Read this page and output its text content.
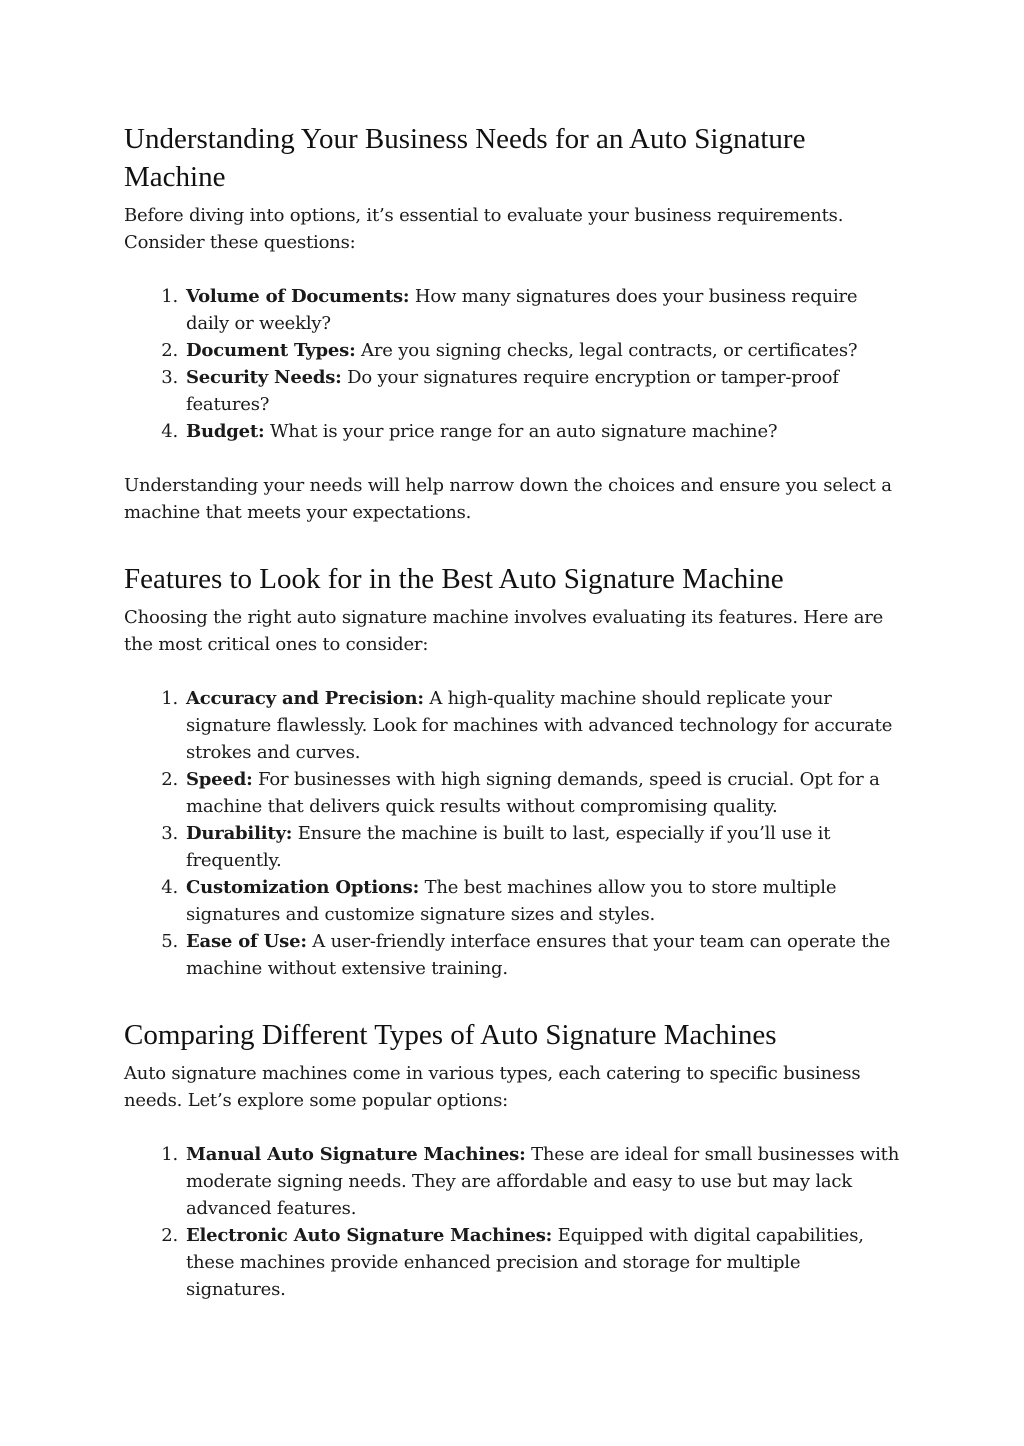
Understanding Your Business Needs for an Auto Signature Machine

Before diving into options, it’s essential to evaluate your business requirements. Consider these questions:

1. Volume of Documents: How many signatures does your business require daily or weekly?
2. Document Types: Are you signing checks, legal contracts, or certificates?
3. Security Needs: Do your signatures require encryption or tamper-proof features?
4. Budget: What is your price range for an auto signature machine?

Understanding your needs will help narrow down the choices and ensure you select a machine that meets your expectations.

Features to Look for in the Best Auto Signature Machine

Choosing the right auto signature machine involves evaluating its features. Here are the most critical ones to consider:

1. Accuracy and Precision: A high-quality machine should replicate your signature flawlessly. Look for machines with advanced technology for accurate strokes and curves.
2. Speed: For businesses with high signing demands, speed is crucial. Opt for a machine that delivers quick results without compromising quality.
3. Durability: Ensure the machine is built to last, especially if you’ll use it frequently.
4. Customization Options: The best machines allow you to store multiple signatures and customize signature sizes and styles.
5. Ease of Use: A user-friendly interface ensures that your team can operate the machine without extensive training.
Comparing Different Types of Auto Signature Machines

Auto signature machines come in various types, each catering to specific business needs. Let’s explore some popular options:

1. Manual Auto Signature Machines: These are ideal for small businesses with moderate signing needs. They are affordable and easy to use but may lack advanced features.
2. Electronic Auto Signature Machines: Equipped with digital capabilities, these machines provide enhanced precision and storage for multiple signatures.
